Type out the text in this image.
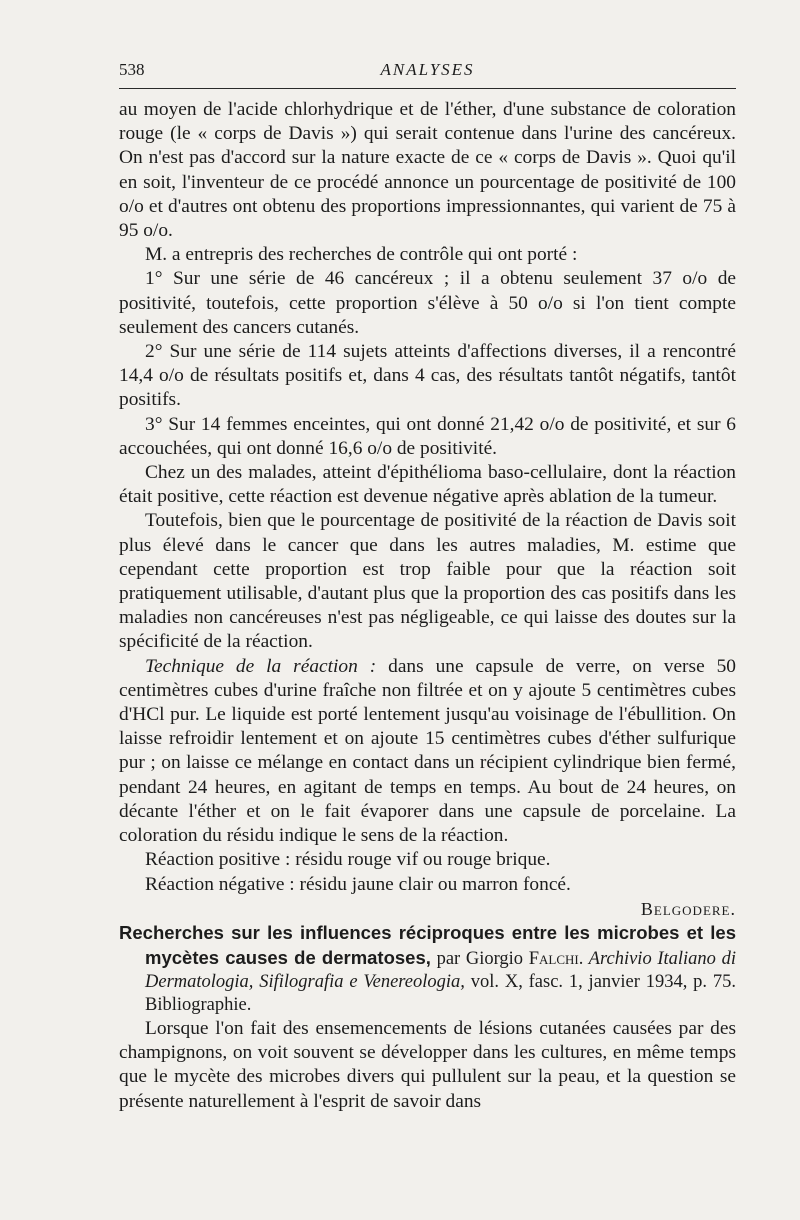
538	ANALYSES

au moyen de l'acide chlorhydrique et de l'éther, d'une substance de coloration rouge (le « corps de Davis ») qui serait contenue dans l'urine des cancéreux. On n'est pas d'accord sur la nature exacte de ce « corps de Davis ». Quoi qu'il en soit, l'inventeur de ce procédé annonce un pourcentage de positivité de 100 o/o et d'autres ont obtenu des proportions impressionnantes, qui varient de 75 à 95 o/o.

M. a entrepris des recherches de contrôle qui ont porté :

1° Sur une série de 46 cancéreux ; il a obtenu seulement 37 o/o de positivité, toutefois, cette proportion s'élève à 50 o/o si l'on tient compte seulement des cancers cutanés.

2° Sur une série de 114 sujets atteints d'affections diverses, il a rencontré 14,4 o/o de résultats positifs et, dans 4 cas, des résultats tantôt négatifs, tantôt positifs.

3° Sur 14 femmes enceintes, qui ont donné 21,42 o/o de positivité, et sur 6 accouchées, qui ont donné 16,6 o/o de positivité.

Chez un des malades, atteint d'épithélioma baso-cellulaire, dont la réaction était positive, cette réaction est devenue négative après ablation de la tumeur.

Toutefois, bien que le pourcentage de positivité de la réaction de Davis soit plus élevé dans le cancer que dans les autres maladies, M. estime que cependant cette proportion est trop faible pour que la réaction soit pratiquement utilisable, d'autant plus que la proportion des cas positifs dans les maladies non cancéreuses n'est pas négligeable, ce qui laisse des doutes sur la spécificité de la réaction.

Technique de la réaction : dans une capsule de verre, on verse 50 centimètres cubes d'urine fraîche non filtrée et on y ajoute 5 centimètres cubes d'HCl pur. Le liquide est porté lentement jusqu'au voisinage de l'ébullition. On laisse refroidir lentement et on ajoute 15 centimètres cubes d'éther sulfurique pur ; on laisse ce mélange en contact dans un récipient cylindrique bien fermé, pendant 24 heures, en agitant de temps en temps. Au bout de 24 heures, on décante l'éther et on le fait évaporer dans une capsule de porcelaine. La coloration du résidu indique le sens de la réaction.

Réaction positive : résidu rouge vif ou rouge brique.

Réaction négative : résidu jaune clair ou marron foncé.

Belgodere.

Recherches sur les influences réciproques entre les microbes et les mycètes causes de dermatoses, par Giorgio Falchi. Archivio Italiano di Dermatologia, Sifilografia e Venereologia, vol. X, fasc. 1, janvier 1934, p. 75. Bibliographie.

Lorsque l'on fait des ensemencements de lésions cutanées causées par des champignons, on voit souvent se développer dans les cultures, en même temps que le mycète des microbes divers qui pullulent sur la peau, et la question se présente naturellement à l'esprit de savoir dans
